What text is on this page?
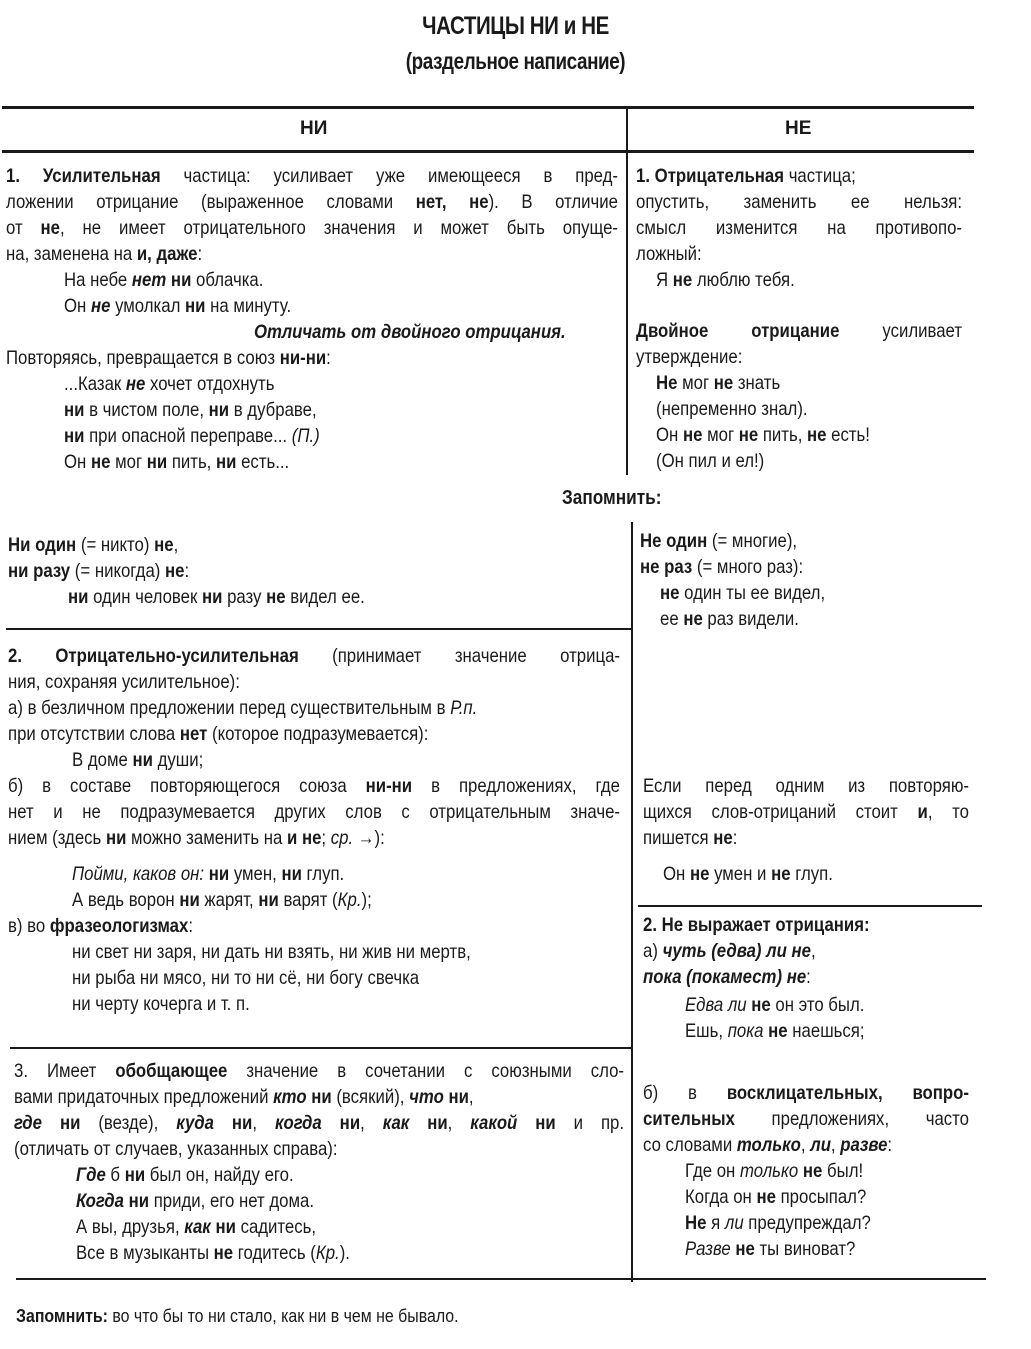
ЧАСТИЦЫ НИ и НЕ
(раздельное написание)
НИ	НЕ
Запомнить:
Запомнить: во что бы то ни стало, как ни в чем не бывало.
1. Усилительная частица: усиливает уже имеющееся в пред-
ложении отрицание (выраженное словами нет, не). В отличие
от не, не имеет отрицательного значения и может быть опуще-
на, заменена на и, даже:
На небе нет ни облачка.
Он не умолкал ни на минуту.
Отличать от двойного отрицания.
Повторяясь, превращается в союз ни-ни:
...Казак не хочет отдохнуть
ни в чистом поле, ни в дубраве,
ни при опасной переправе... (П.)
Он не мог ни пить, ни есть...
Ни один (= никто) не,
ни разу (= никогда) не:
ни один человек ни разу не видел ее.
2. Отрицательно-усилительная (принимает значение отрица-
ния, сохраняя усилительное):
а) в безличном предложении перед существительным в Р.п.
при отсутствии слова нет (которое подразумевается):
В доме ни души;
б) в составе повторяющегося союза ни-ни в предложениях, где
нет и не подразумевается других слов с отрицательным значе-
нием (здесь ни можно заменить на и не; ср. →):
Пойми, каков он: ни умен, ни глуп.
А ведь ворон ни жарят, ни варят (Кр.);
в) во фразеологизмах:
ни свет ни заря, ни дать ни взять, ни жив ни мертв,
ни рыба ни мясо, ни то ни сё, ни богу свечка
ни черту кочерга и т. п.
3. Имеет обобщающее значение в сочетании с союзными сло-
вами придаточных предложений кто ни (всякий), что ни,
где ни (везде), куда ни, когда ни, как ни, какой ни и пр.
(отличать от случаев, указанных справа):
Где б ни был он, найду его.
Когда ни приди, его нет дома.
А вы, друзья, как ни садитесь,
Все в музыканты не годитесь (Кр.).
1. Отрицательная частица;
опустить, заменить ее нельзя:
смысл изменится на противопо-
ложный:
Я не люблю тебя.
Двойное отрицание усиливает
утверждение:
Не мог не знать
(непременно знал).
Он не мог не пить, не есть!
(Он пил и ел!)
Не один (= многие),
не раз (= много раз):
не один ты ее видел,
ее не раз видели.
Если перед одним из повторяю-
щихся слов-отрицаний стоит и, то
пишется не:
Он не умен и не глуп.
2. Не выражает отрицания:
а) чуть (едва) ли не,
пока (покамест) не:
Едва ли не он это был.
Ешь, пока не наешься;
б) в восклицательных, вопро-
сительных предложениях, часто
со словами только, ли, разве:
Где он только не был!
Когда он не просыпал?
Не я ли предупреждал?
Разве не ты виноват?
